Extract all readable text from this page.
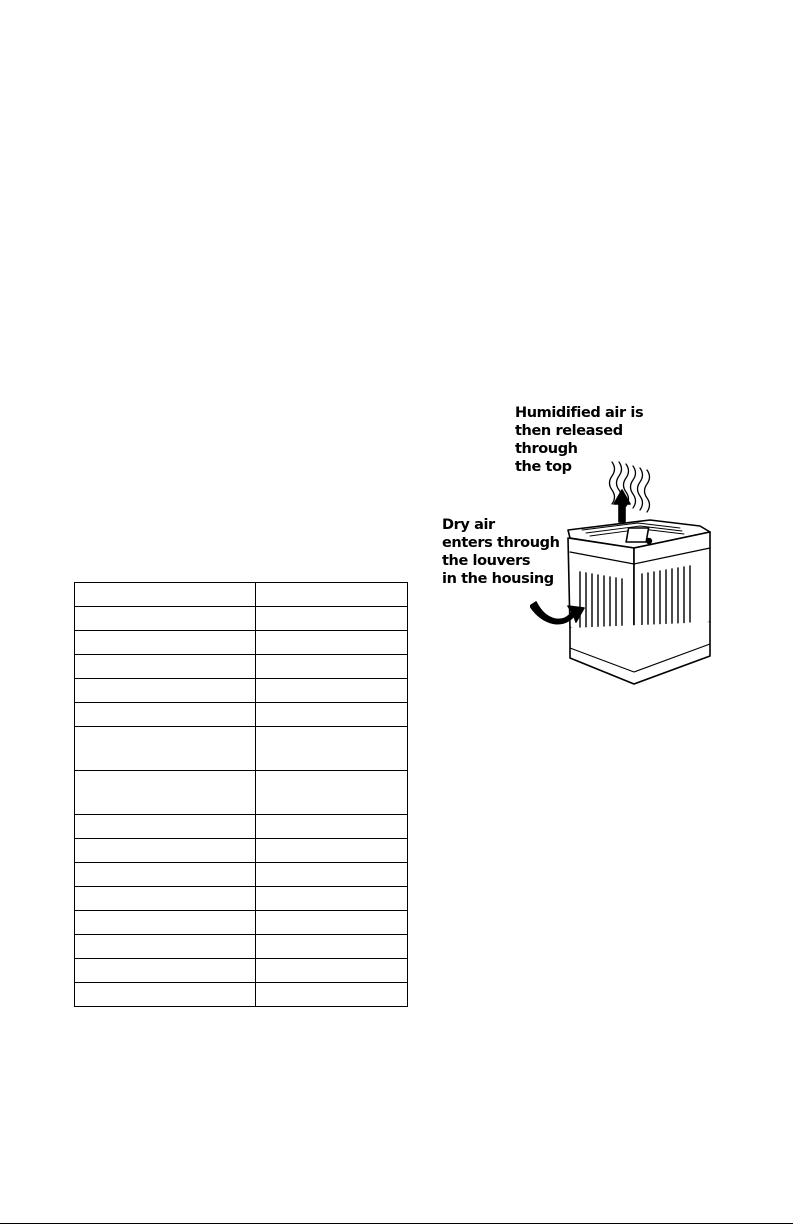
Humidified air is
then released
through
the top

Dry air
enters through
the louvers
in the housing
